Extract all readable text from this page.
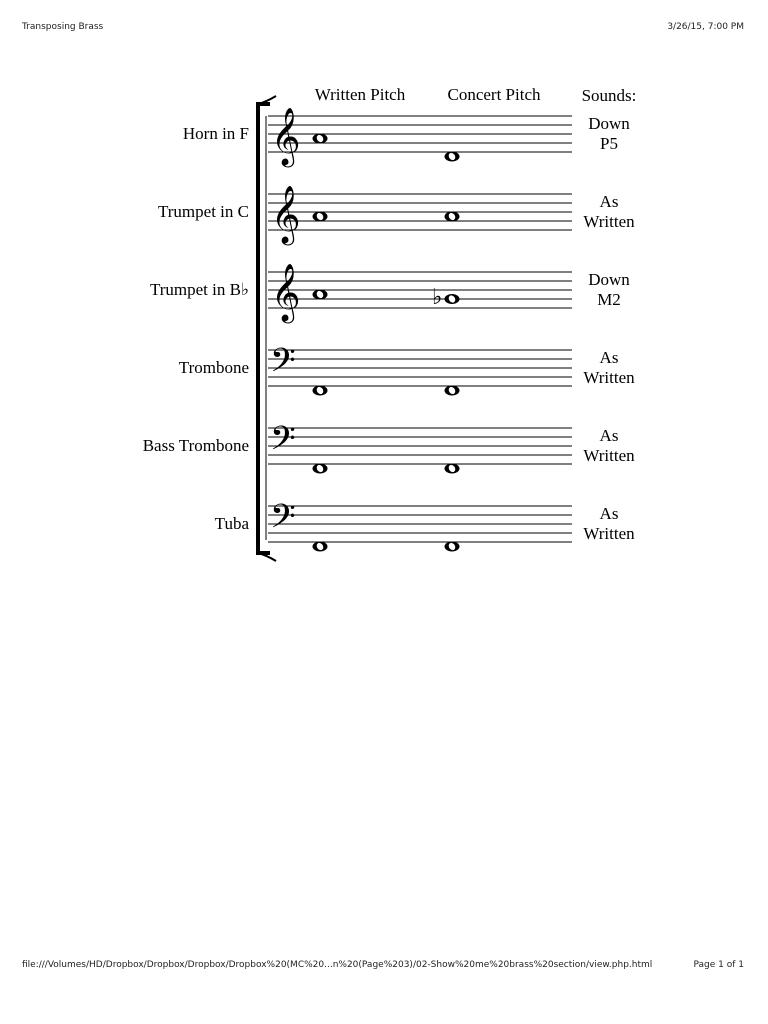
Transposing Brass	3/26/15, 7:00 PM
Written Pitch Concert Pitch Sounds:
Horn in F 𝄞	Down
P5
Trumpet in C 𝄞	As
Written
Trumpet in B♭ 𝄞	♭
Down
M2
Trombone 𝄢	As
Written
Bass Trombone 𝄢	As
Written
Tuba 𝄢	As
Written
file:///Volumes/HD/Dropbox/Dropbox/Dropbox/Dropbox%20(MC%20...n%20(Page%203)/02-Show%20me%20brass%20section/view.php.html	Page 1 of 1
